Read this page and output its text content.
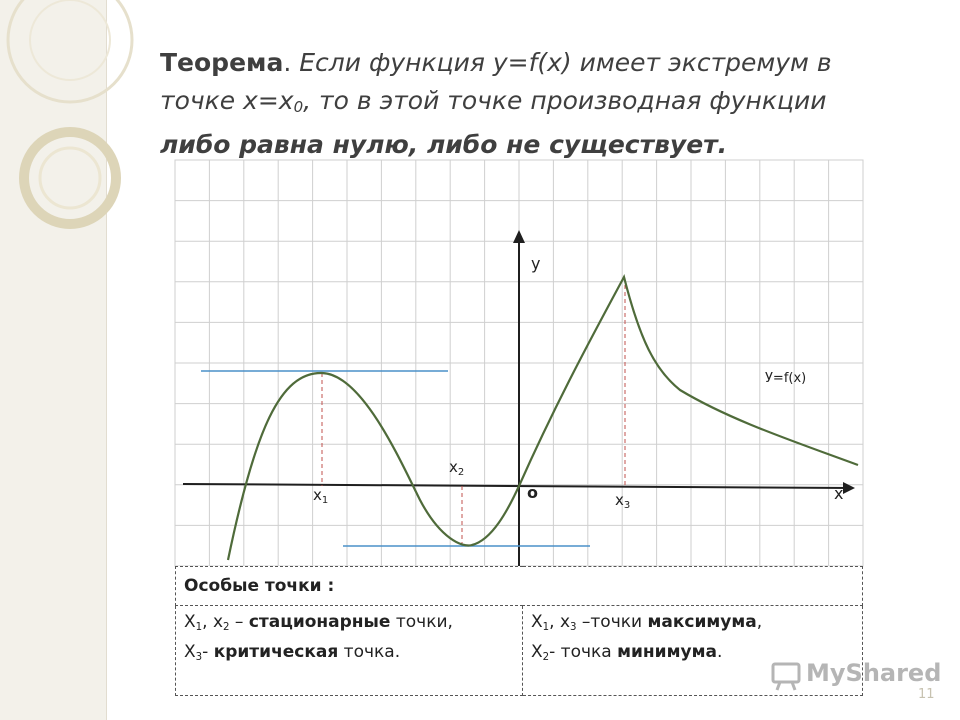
Теорема. Если функция у=f(х) имеет экстремум в точке $х=х_0$, то в этой точке производная функции либо равна нулю, либо не существует.

у
х
о
У=f(х)
$х_1$
$х_2$
$х_3$
Особые точки :

$Х_1$, $х_2$ – стационарные точки,
$Х_3-$ критическая точка.

$Х_1$, $х_3$ –точки максимума,
$Х_2-$ точка минимума.
MyShared
11
